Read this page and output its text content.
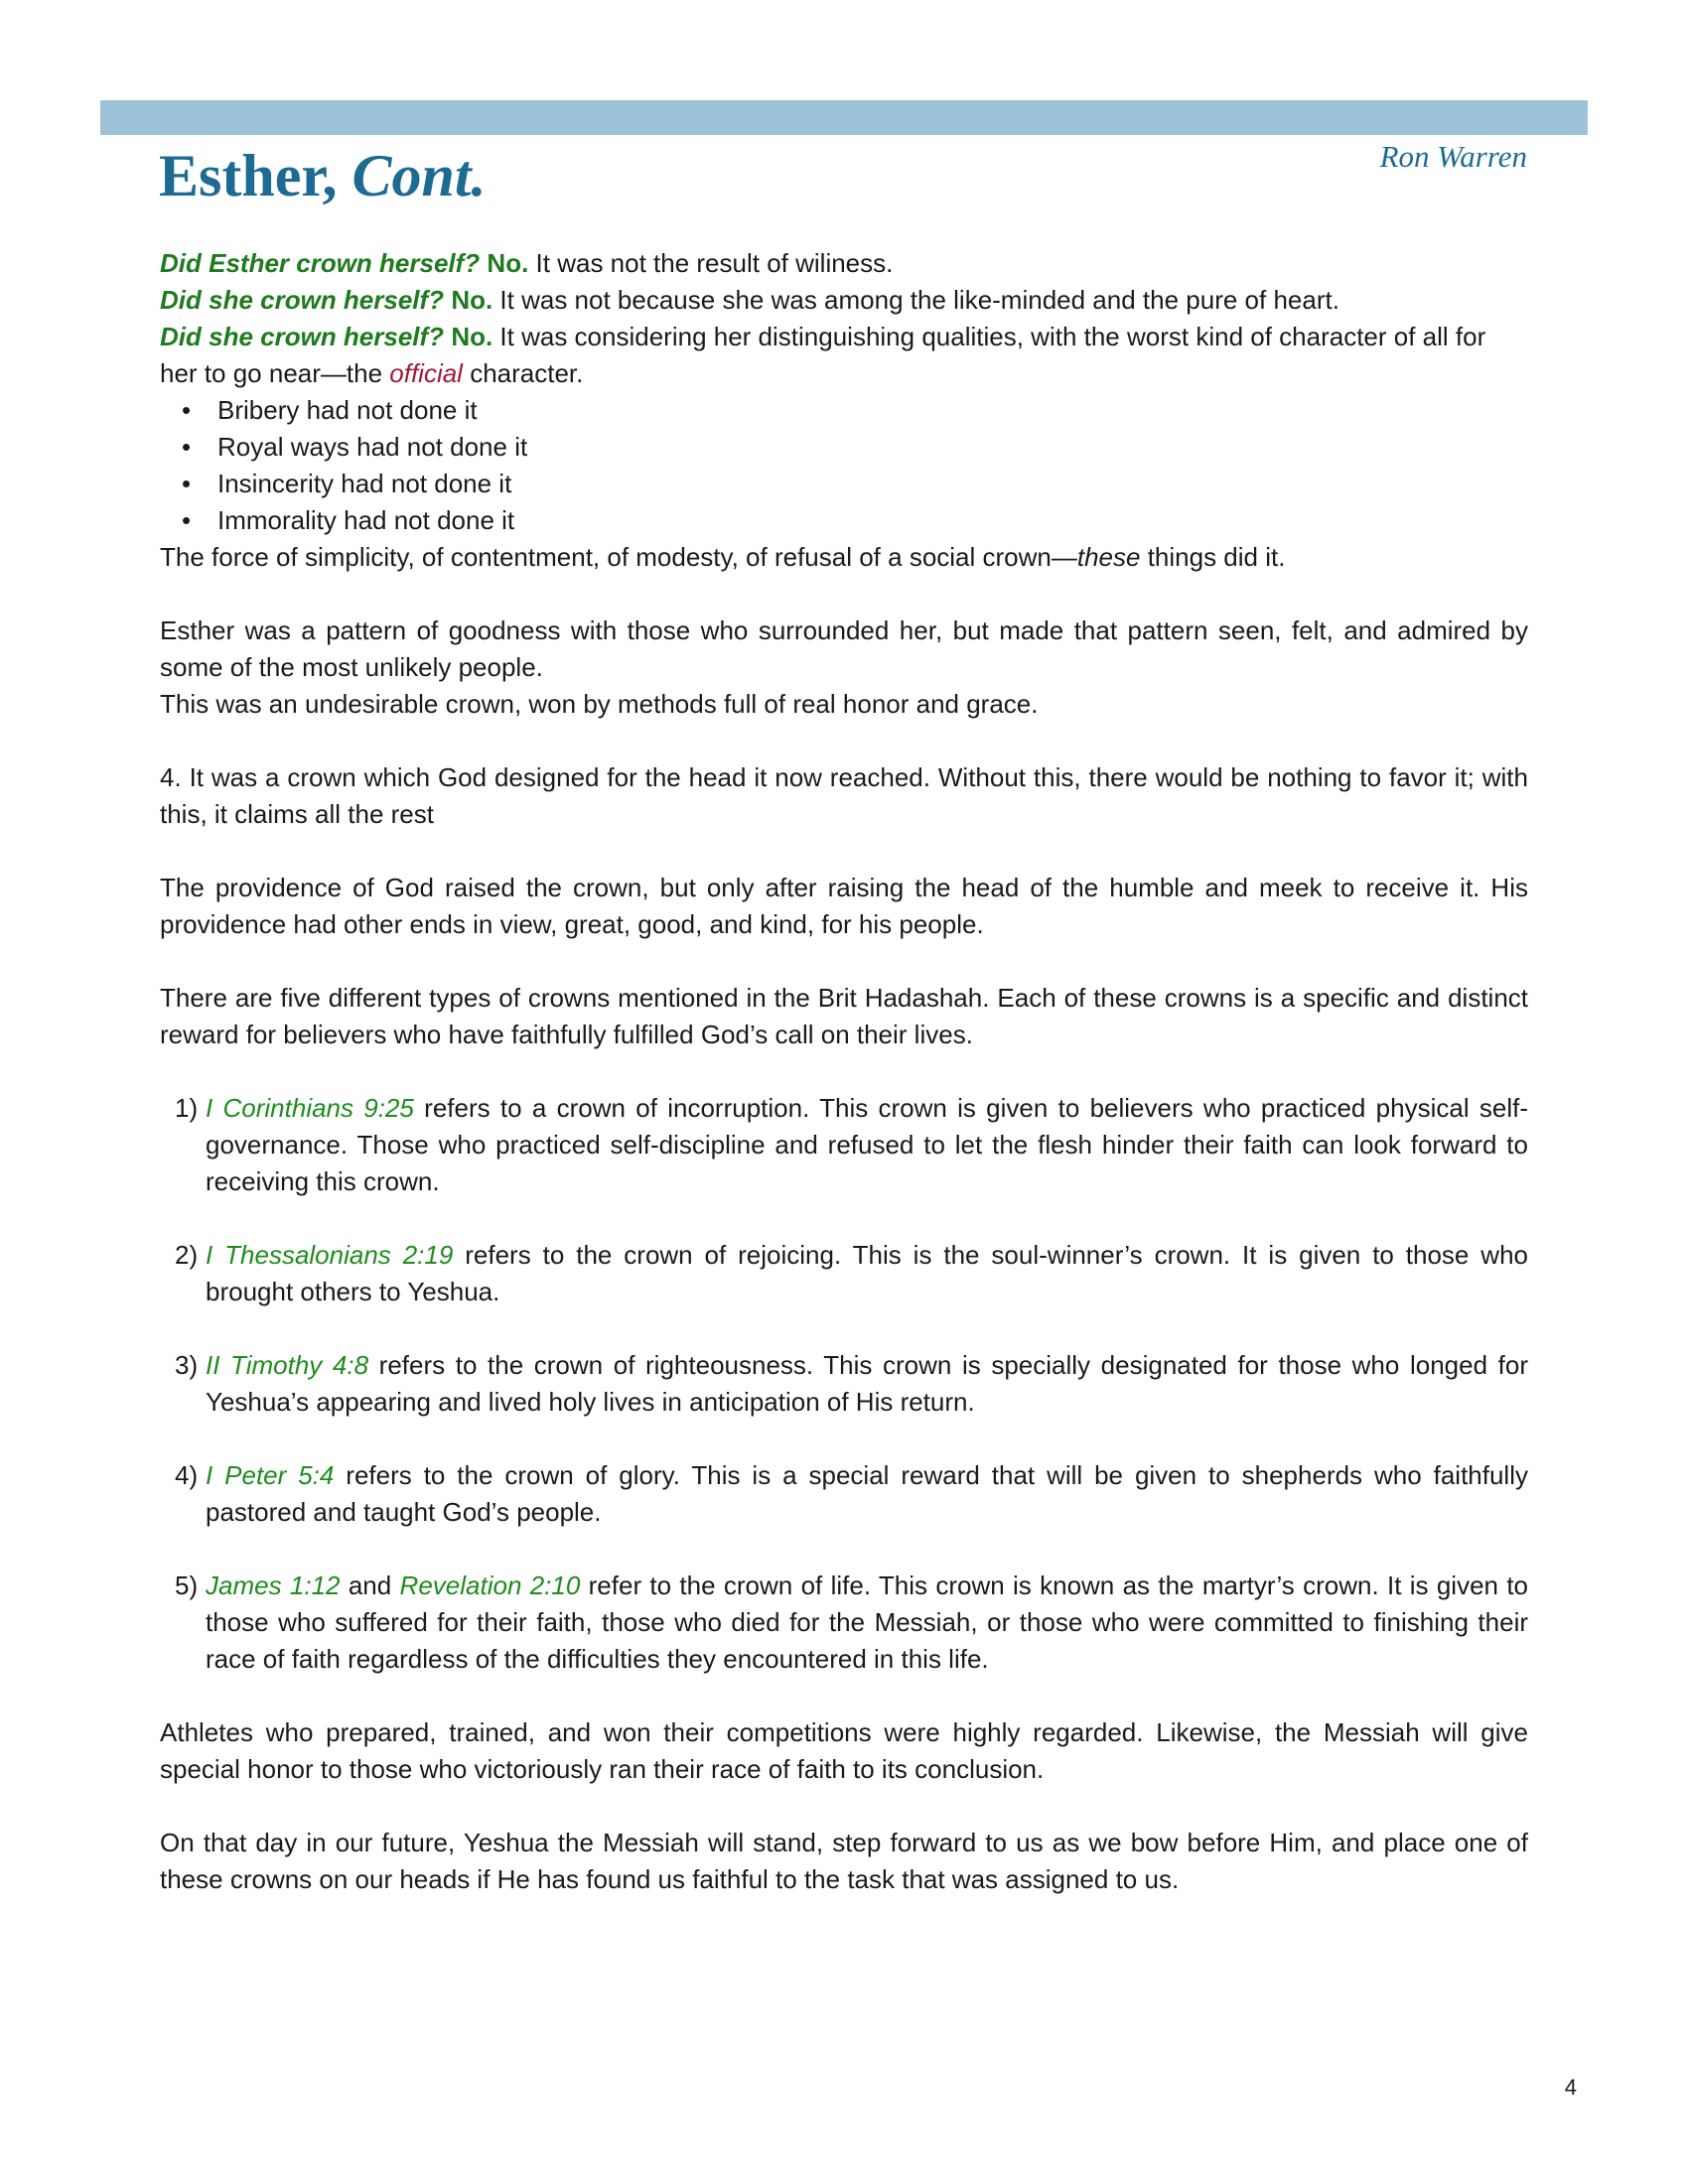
Esther, Cont.	Ron Warren

Did Esther crown herself? No. It was not the result of wiliness.

Did she crown herself? No. It was not because she was among the like-minded and the pure of heart.

Did she crown herself? No. It was considering her distinguishing qualities, with the worst kind of character of all for her to go near—the official character.

• Bribery had not done it
• Royal ways had not done it
• Insincerity had not done it
• Immorality had not done it

The force of simplicity, of contentment, of modesty, of refusal of a social crown—these things did it.

Esther was a pattern of goodness with those who surrounded her, but made that pattern seen, felt, and admired by some of the most unlikely people.

This was an undesirable crown, won by methods full of real honor and grace.

4. It was a crown which God designed for the head it now reached. Without this, there would be nothing to favor it; with this, it claims all the rest

The providence of God raised the crown, but only after raising the head of the humble and meek to receive it. His providence had other ends in view, great, good, and kind, for his people.

There are five different types of crowns mentioned in the Brit Hadashah. Each of these crowns is a specific and distinct reward for believers who have faithfully fulfilled God’s call on their lives.

1) I Corinthians 9:25 refers to a crown of incorruption. This crown is given to believers who practiced physical self-governance. Those who practiced self-discipline and refused to let the flesh hinder their faith can look forward to receiving this crown.
2) I Thessalonians 2:19 refers to the crown of rejoicing. This is the soul-winner’s crown. It is given to those who brought others to Yeshua.
3) II Timothy 4:8 refers to the crown of righteousness. This crown is specially designated for those who longed for Yeshua’s appearing and lived holy lives in anticipation of His return.
4) I Peter 5:4 refers to the crown of glory. This is a special reward that will be given to shepherds who faithfully pastored and taught God’s people.
5) James 1:12 and Revelation 2:10 refer to the crown of life. This crown is known as the martyr’s crown. It is given to those who suffered for their faith, those who died for the Messiah, or those who were committed to finishing their race of faith regardless of the difficulties they encountered in this life.

Athletes who prepared, trained, and won their competitions were highly regarded. Likewise, the Messiah will give special honor to those who victoriously ran their race of faith to its conclusion.

On that day in our future, Yeshua the Messiah will stand, step forward to us as we bow before Him, and place one of these crowns on our heads if He has found us faithful to the task that was assigned to us.

4
